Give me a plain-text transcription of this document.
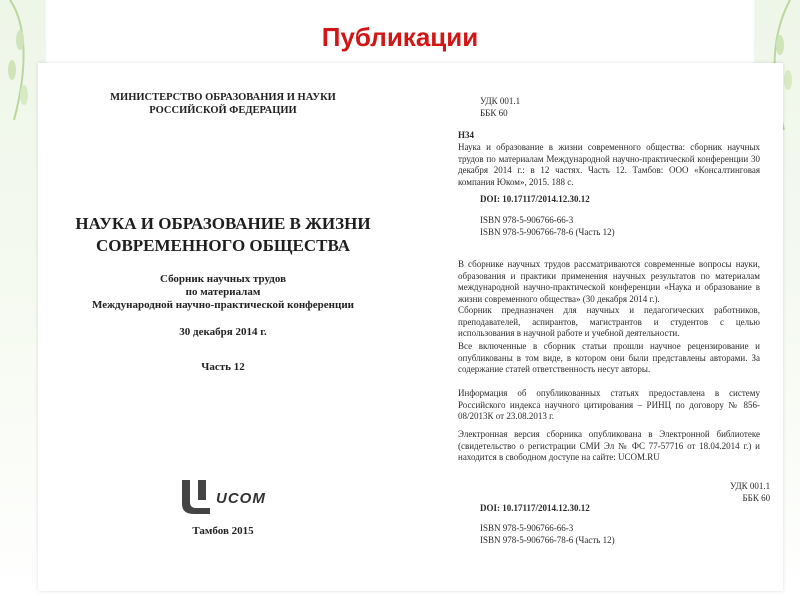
Публикации
МИНИСТЕРСТВО ОБРАЗОВАНИЯ И НАУКИ
РОССИЙСКОЙ ФЕДЕРАЦИИ
НАУКА И ОБРАЗОВАНИЕ В ЖИЗНИ
СОВРЕМЕННОГО ОБЩЕСТВА
Сборник научных трудов
по материалам
Международной научно-практической конференции
30 декабря 2014 г.
Часть 12
UCOM
Тамбов 2015
УДК 001.1
ББК 60
Н34
Наука и образование в жизни современного общества: сборник научных трудов по материалам Международной научно-практической конференции 30 декабря 2014 г.: в 12 частях. Часть 12. Тамбов: ООО «Консалтинговая компания Юком», 2015. 188 с.
DOI: 10.17117/2014.12.30.12
ISBN 978-5-906766-66-3
ISBN 978-5-906766-78-6 (Часть 12)
В сборнике научных трудов рассматриваются современные вопросы науки, образования и практики применения научных результатов по материалам международной научно-практической конференции «Наука и образование в жизни современного общества» (30 декабря 2014 г.).
Сборник предназначен для научных и педагогических работников, преподавателей, аспирантов, магистрантов и студентов с целью использования в научной работе и учебной деятельности.
Все включенные в сборник статьи прошли научное рецензирование и опубликованы в том виде, в котором они были представлены авторами. За содержание статей ответственность несут авторы.
Информация об опубликованных статьях предоставлена в систему Российского индекса научного цитирования – РИНЦ по договору № 856-08/2013К от 23.08.2013 г.
Электронная версия сборника опубликована в Электронной библиотеке (свидетельство о регистрации СМИ Эл № ФС 77-57716 от 18.04.2014 г.) и находится в свободном доступе на сайте: UCOM.RU
УДК 001.1
ББК 60
DOI: 10.17117/2014.12.30.12
ISBN 978-5-906766-66-3
ISBN 978-5-906766-78-6 (Часть 12)
